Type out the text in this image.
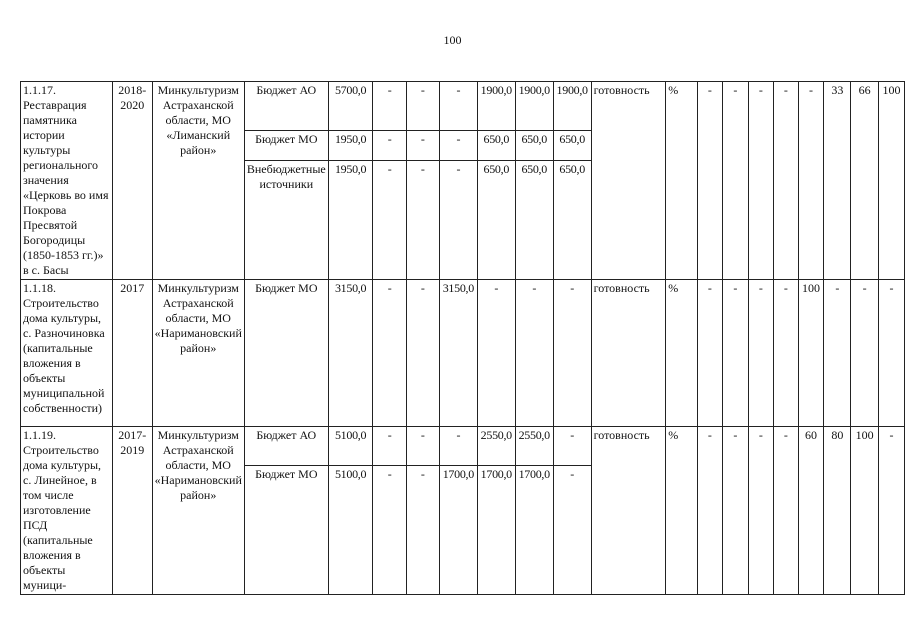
100
1.1.17. Реставрация памятника истории культуры регионального значения «Церковь во имя Покрова Пресвятой Богородицы (1850-1853 гг.)» в с. Басы	2018-2020	Минкультуризм Астраханской области, МО «Лиманский район»	Бюджет АО	5700,0	-	-	-	1900,0	1900,0	1900,0	готовность	%	-	-	-	-	-	33	66	100
			Бюджет МО	1950,0	-	-	-	650,0	650,0	650,0										
			Внебюджетные источники	1950,0	-	-	-	650,0	650,0	650,0										
1.1.18. Строительство дома культуры, с. Разночиновка (капитальные вложения в объекты муниципальной собственности)	2017	Минкультуризм Астраханской области, МО «Наримановский район»	Бюджет МО	3150,0	-	-	3150,0	-	-	-	готовность	%	-	-	-	-	100	-	-	-
1.1.19. Строительство дома культуры, с. Линейное, в том числе изготовление ПСД (капитальные вложения в объекты муници-	2017-2019	Минкультуризм Астраханской области, МО «Наримановский район»	Бюджет АО	5100,0	-	-	-	2550,0	2550,0	-	готовность	%	-	-	-	-	60	80	100	-
			Бюджет МО	5100,0	-	-	1700,0	1700,0	1700,0	-										
